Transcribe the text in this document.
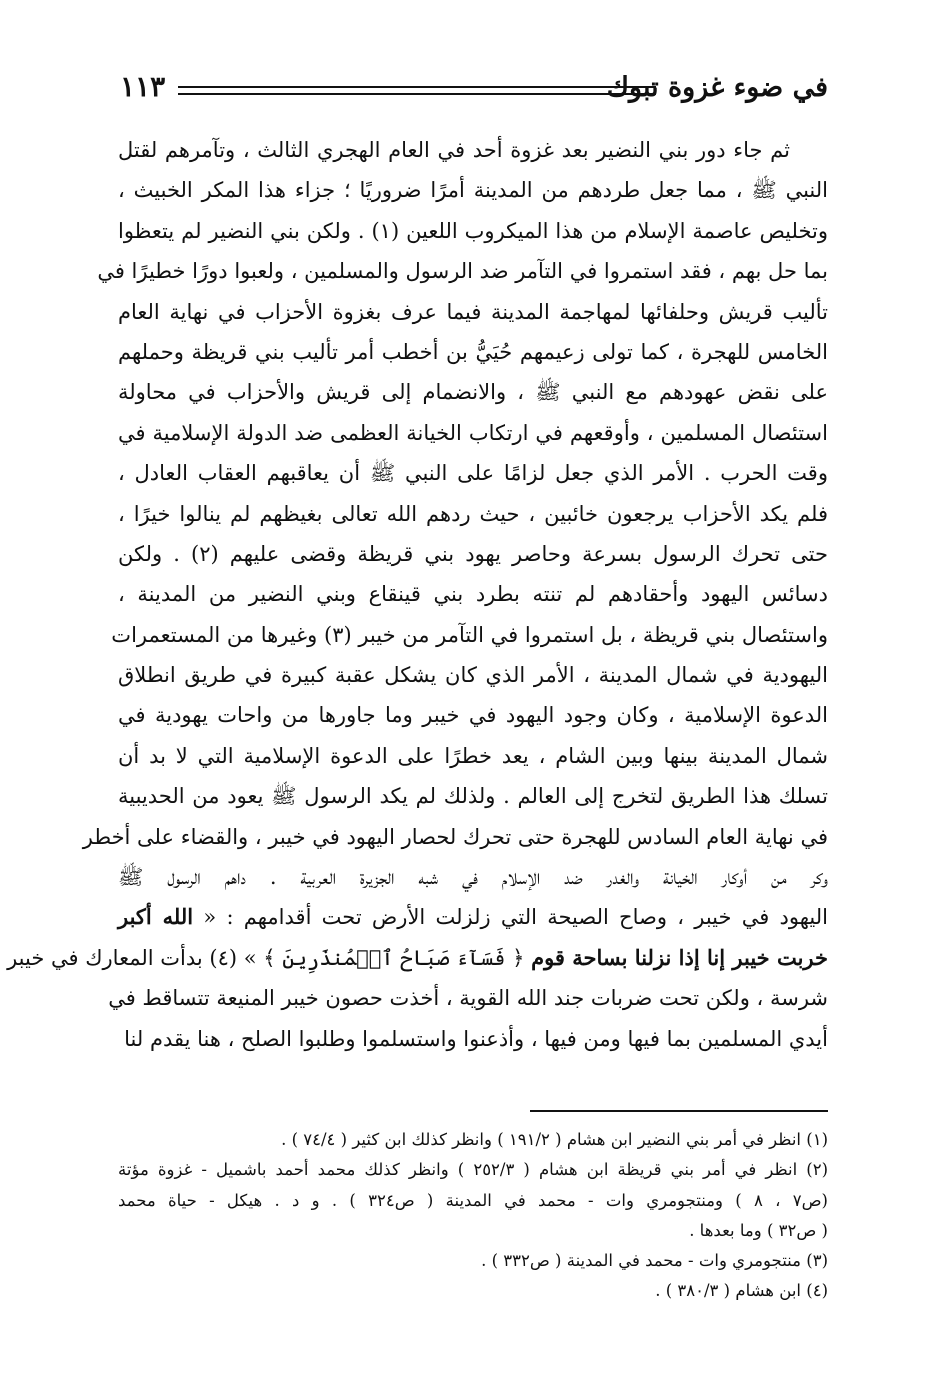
في ضوء غزوة تبوك
١١٣
ثم جاء دور بني النضير بعد غزوة أحد في العام الهجري الثالث ، وتآمرهم لقتل
النبي ﷺ ، مما جعل طردهم من المدينة أمرًا ضروريًا ؛ جزاء هذا المكر الخبيث ،
وتخليص عاصمة الإسلام من هذا الميكروب اللعين (١) . ولكن بني النضير لم يتعظوا
بما حل بهم ، فقد استمروا في التآمر ضد الرسول والمسلمين ، ولعبوا دورًا خطيرًا في
تأليب قريش وحلفائها لمهاجمة المدينة فيما عرف بغزوة الأحزاب في نهاية العام
الخامس للهجرة ، كما تولى زعيمهم حُيَيُّ بن أخطب أمر تأليب بني قريظة وحملهم
على نقض عهودهم مع النبي ﷺ ، والانضمام إلى قريش والأحزاب في محاولة
استئصال المسلمين ، وأوقعهم في ارتكاب الخيانة العظمى ضد الدولة الإسلامية في
وقت الحرب . الأمر الذي جعل لزامًا على النبي ﷺ أن يعاقبهم العقاب العادل ،
فلم يكد الأحزاب يرجعون خائبين ، حيث ردهم الله تعالى بغيظهم لم ينالوا خيرًا ،
حتى تحرك الرسول بسرعة وحاصر يهود بني قريظة وقضى عليهم (٢) . ولكن
دسائس اليهود وأحقادهم لم تنته بطرد بني قينقاع وبني النضير من المدينة ،
واستئصال بني قريظة ، بل استمروا في التآمر من خيبر (٣) وغيرها من المستعمرات
اليهودية في شمال المدينة ، الأمر الذي كان يشكل عقبة كبيرة في طريق انطلاق
الدعوة الإسلامية ، وكان وجود اليهود في خيبر وما جاورها من واحات يهودية في
شمال المدينة بينها وبين الشام ، يعد خطرًا على الدعوة الإسلامية التي لا بد أن
تسلك هذا الطريق لتخرج إلى العالم . ولذلك لم يكد الرسول ﷺ يعود من الحديبية
في نهاية العام السادس للهجرة حتى تحرك لحصار اليهود في خيبر ، والقضاء على أخطر
وكر من أوكار الخيانة والغدر ضد الإسلام في شبه الجزيرة العربية . داهم الرسول ﷺ
اليهود في خيبر ، وصاح الصيحة التي زلزلت الأرض تحت أقدامهم : « الله أكبر
خربت خيبر إنا إذا نزلنا بساحة قوم ﴿ فَسَآءَ صَبَاحُ ٱلۡمُنذَرِينَ ﴾ » (٤) بدأت المعارك في خيبر
شرسة ، ولكن تحت ضربات جند الله القوية ، أخذت حصون خيبر المنيعة تتساقط في
أيدي المسلمين بما فيها ومن فيها ، وأذعنوا واستسلموا وطلبوا الصلح ، هنا يقدم لنا
(١) انظر في أمر بني النضير ابن هشام ( ١٩١/٢ ) وانظر كذلك ابن كثير ( ٧٤/٤ ) .
(٢) انظر في أمر بني قريظة ابن هشام ( ٢٥٢/٣ ) وانظر كذلك محمد أحمد باشميل - غزوة مؤتة
(ص٧ ، ٨ ) ومنتجومري وات - محمد في المدينة ( ص٣٢٤ ) . و د . هيكل - حياة محمد
( ص٣٢ ) وما بعدها .
(٣) منتجومري وات - محمد في المدينة ( ص٣٣٢ ) .
(٤) ابن هشام ( ٣٨٠/٣ ) .
